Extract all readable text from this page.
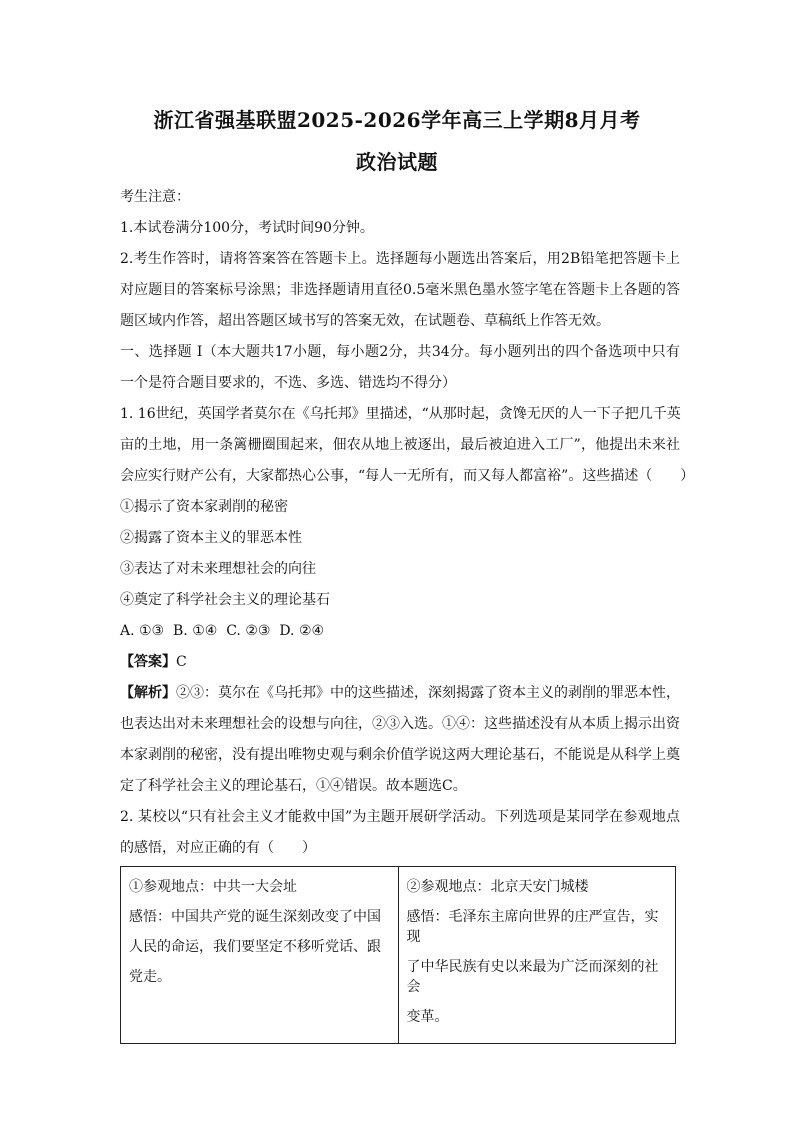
浙江省强基联盟2025-2026学年高三上学期8月月考
政治试题
考生注意：
1.本试卷满分100分，考试时间90分钟。
2.考生作答时，请将答案答在答题卡上。选择题每小题选出答案后，用2B铅笔把答题卡上
对应题目的答案标号涂黑；非选择题请用直径0.5毫米黑色墨水签字笔在答题卡上各题的答
题区域内作答，超出答题区域书写的答案无效，在试题卷、草稿纸上作答无效。
一、选择题 I（本大题共17小题，每小题2分，共34分。每小题列出的四个备选项中只有
一个是符合题目要求的，不选、多选、错选均不得分）
1. 16世纪，英国学者莫尔在《乌托邦》里描述，“从那时起，贪馋无厌的人一下子把几千英
亩的土地，用一条篱栅圈围起来，佃农从地上被逐出，最后被迫进入工厂”，他提出未来社
会应实行财产公有，大家都热心公事，“每人一无所有，而又每人都富裕”。这些描述（　　）
①揭示了资本家剥削的秘密
②揭露了资本主义的罪恶本性
③表达了对未来理想社会的向往
④奠定了科学社会主义的理论基石
A. ①③  B. ①④  C. ②③  D. ②④
【答案】C
【解析】②③：莫尔在《乌托邦》中的这些描述，深刻揭露了资本主义的剥削的罪恶本性，
也表达出对未来理想社会的设想与向往，②③入选。①④：这些描述没有从本质上揭示出资
本家剥削的秘密，没有提出唯物史观与剩余价值学说这两大理论基石，不能说是从科学上奠
定了科学社会主义的理论基石，①④错误。故本题选C。
2. 某校以“只有社会主义才能救中国”为主题开展研学活动。下列选项是某同学在参观地点
的感悟，对应正确的有（　　）
①参观地点：中共一大会址
感悟：中国共产党的诞生深刻改变了中国
人民的命运，我们要坚定不移听党话、跟
党走。

②参观地点：北京天安门城楼
感悟：毛泽东主席向世界的庄严宣告，实现
了中华民族有史以来最为广泛而深刻的社会
变革。
